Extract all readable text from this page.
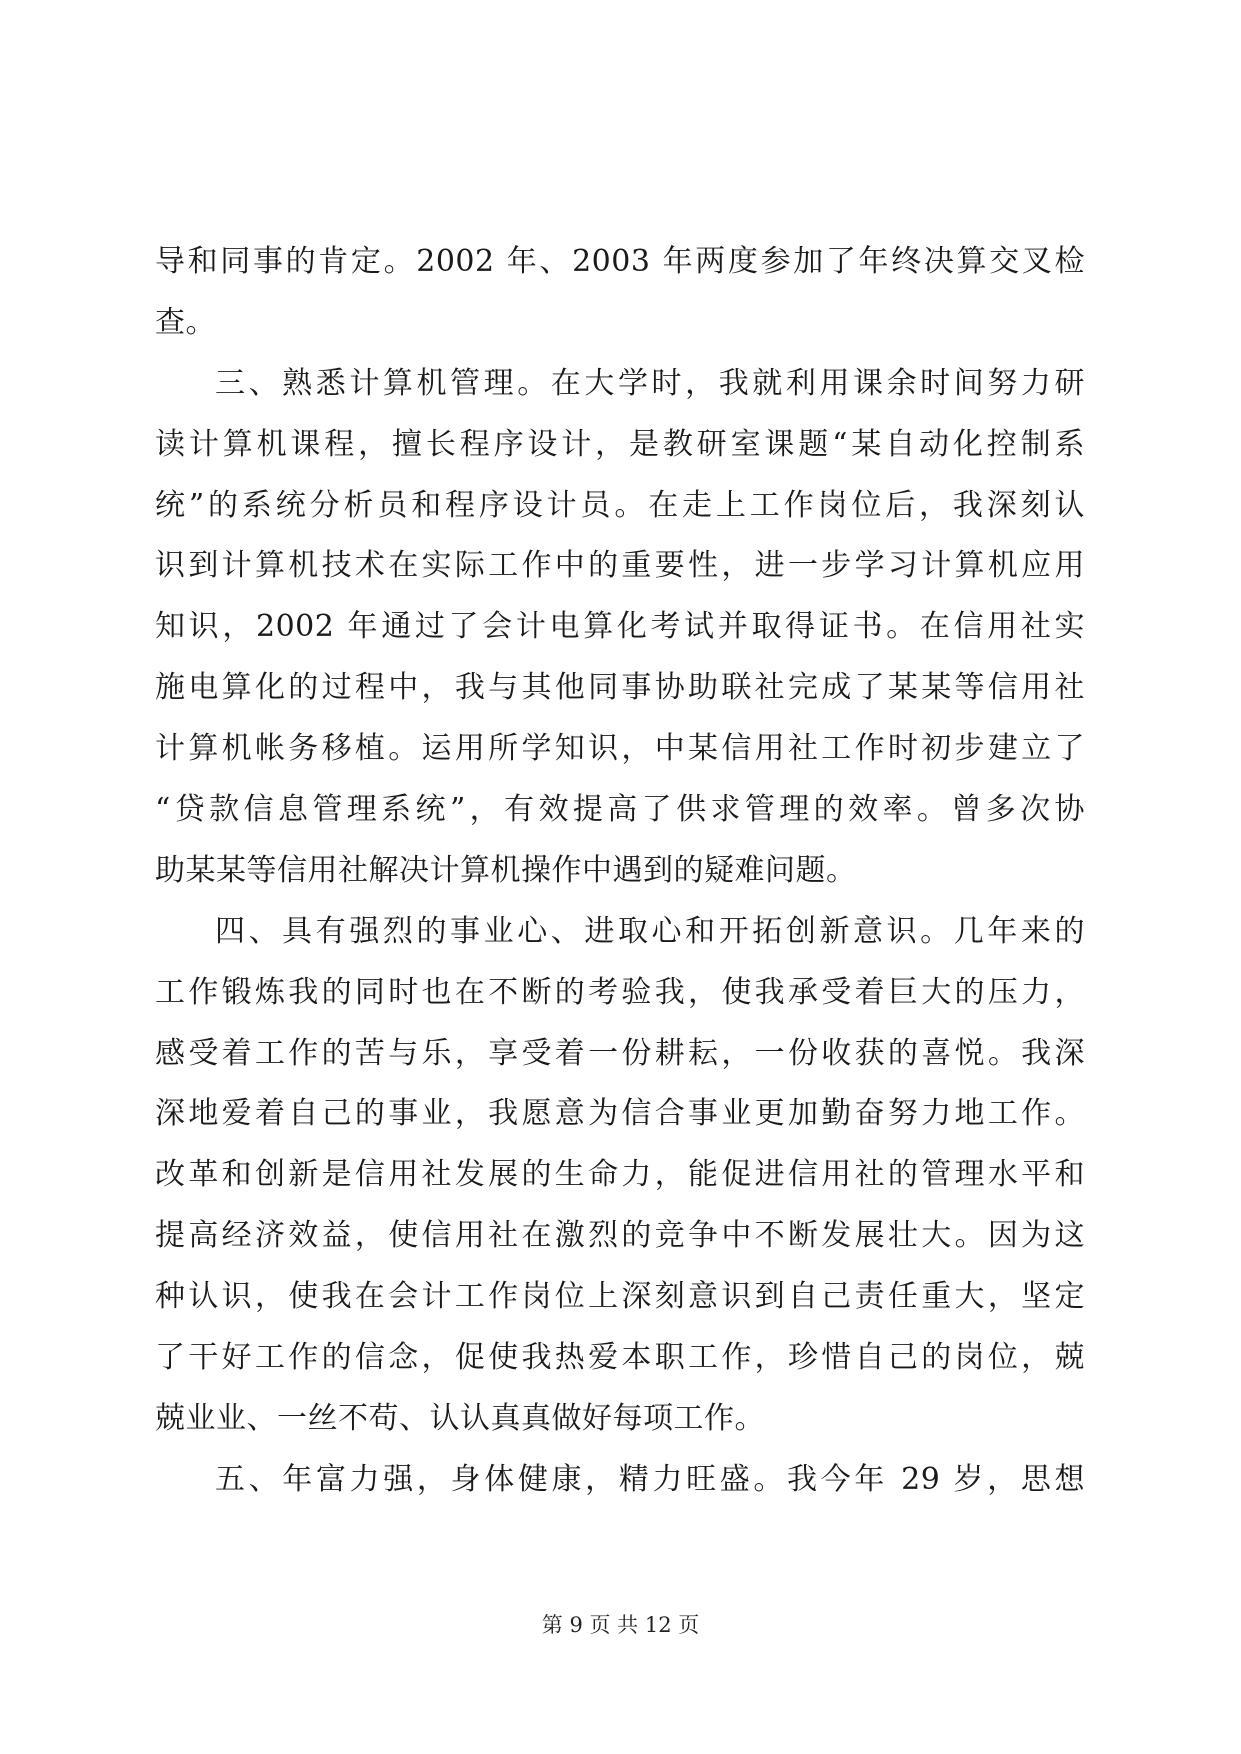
导和同事的肯定。2002 年、2003 年两度参加了年终决算交叉检
查。
三、熟悉计算机管理。在大学时，我就利用课余时间努力研
读计算机课程，擅长程序设计，是教研室课题“某自动化控制系
统”的系统分析员和程序设计员。在走上工作岗位后，我深刻认
识到计算机技术在实际工作中的重要性，进一步学习计算机应用
知识，2002 年通过了会计电算化考试并取得证书。在信用社实
施电算化的过程中，我与其他同事协助联社完成了某某等信用社
计算机帐务移植。运用所学知识，中某信用社工作时初步建立了
“贷款信息管理系统”，有效提高了供求管理的效率。曾多次协
助某某等信用社解决计算机操作中遇到的疑难问题。
四、具有强烈的事业心、进取心和开拓创新意识。几年来的
工作锻炼我的同时也在不断的考验我，使我承受着巨大的压力，
感受着工作的苦与乐，享受着一份耕耘，一份收获的喜悦。我深
深地爱着自己的事业，我愿意为信合事业更加勤奋努力地工作。
改革和创新是信用社发展的生命力，能促进信用社的管理水平和
提高经济效益，使信用社在激烈的竞争中不断发展壮大。因为这
种认识，使我在会计工作岗位上深刻意识到自己责任重大，坚定
了干好工作的信念，促使我热爱本职工作，珍惜自己的岗位，兢
兢业业、一丝不苟、认认真真做好每项工作。
五、年富力强，身体健康，精力旺盛。我今年 29 岁，思想
第 9 页 共 12 页
